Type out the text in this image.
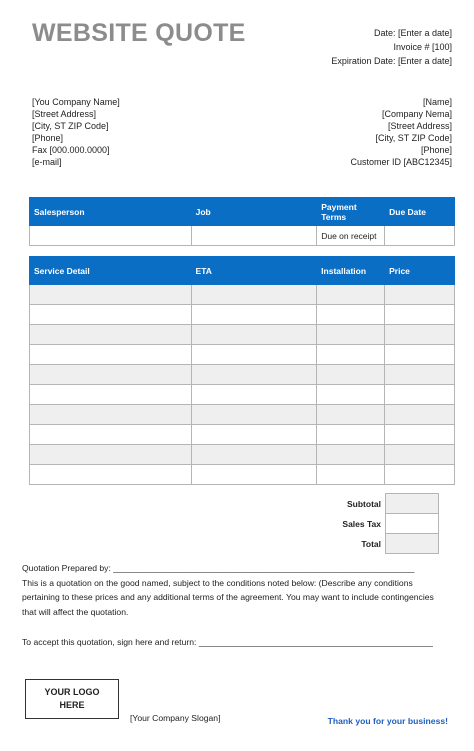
WEBSITE QUOTE	Date: [Enter a date]
Invoice # [100]
Expiration Date: [Enter a date]
[You Company Name]
[Street Address]
[City, ST ZIP Code]
[Phone]
Fax [000.000.0000]
[e-mail]
[Name]
[Company Nema]
[Street Address]
[City, ST ZIP Code]
[Phone]
Customer ID [ABC12345]
Salesperson	Job	Payment Terms	Due Date
		Due on receipt	
Service Detail	ETA	Installation	Price

Subtotal	
Sales Tax	
Total	

Quotation Prepared by: _______________________________________________________________

This is a quotation on the good named, subject to the conditions noted below: (Describe any conditions pertaining to these prices and any additional terms of the agreement. You may want to include contingencies that will affect the quotation.

To accept this quotation, sign here and return: _________________________________________________
YOUR LOGO
HERE
[Your Company Slogan]	Thank you for your business!
